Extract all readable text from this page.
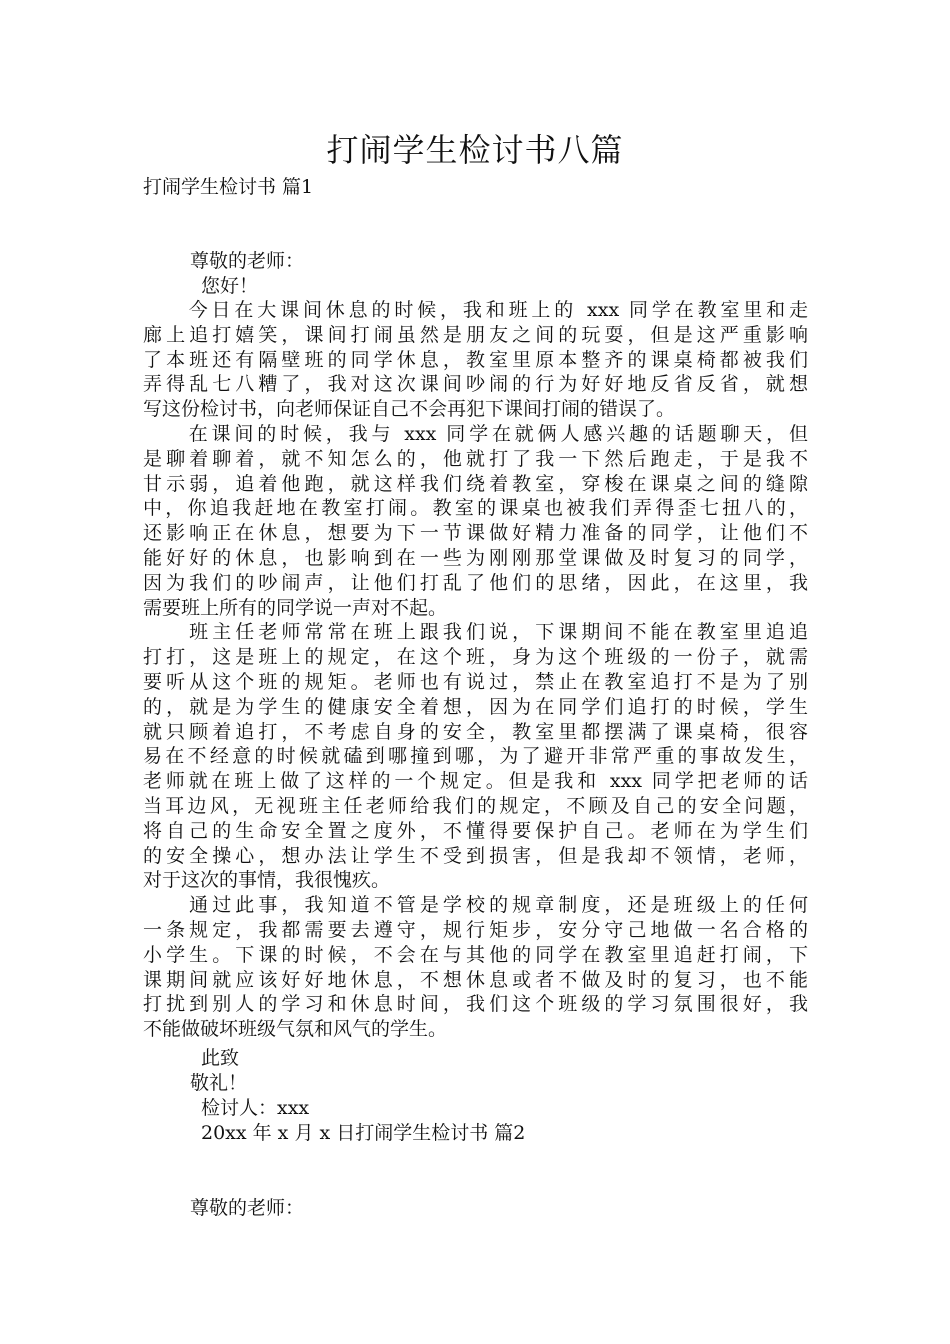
打闹学生检讨书八篇

打闹学生检讨书 篇1

尊敬的老师：

您好！

　　今日在大课间休息的时候，我和班上的 xxx 同学在教室里和走
廊上追打嬉笑，课间打闹虽然是朋友之间的玩耍，但是这严重影响
了本班还有隔壁班的同学休息，教室里原本整齐的课桌椅都被我们
弄得乱七八糟了，我对这次课间吵闹的行为好好地反省反省，就想
写这份检讨书，向老师保证自己不会再犯下课间打闹的错误了。
　　在课间的时候，我与 xxx 同学在就俩人感兴趣的话题聊天，但
是聊着聊着，就不知怎么的，他就打了我一下然后跑走，于是我不
甘示弱，追着他跑，就这样我们绕着教室，穿梭在课桌之间的缝隙
中，你追我赶地在教室打闹。教室的课桌也被我们弄得歪七扭八的，
还影响正在休息，想要为下一节课做好精力准备的同学，让他们不
能好好的休息，也影响到在一些为刚刚那堂课做及时复习的同学，
因为我们的吵闹声，让他们打乱了他们的思绪，因此，在这里，我
需要班上所有的同学说一声对不起。
　　班主任老师常常在班上跟我们说，下课期间不能在教室里追追
打打，这是班上的规定，在这个班，身为这个班级的一份子，就需
要听从这个班的规矩。老师也有说过，禁止在教室追打不是为了别
的，就是为学生的健康安全着想，因为在同学们追打的时候，学生
就只顾着追打，不考虑自身的安全，教室里都摆满了课桌椅，很容
易在不经意的时候就磕到哪撞到哪，为了避开非常严重的事故发生，
老师就在班上做了这样的一个规定。但是我和 xxx 同学把老师的话
当耳边风，无视班主任老师给我们的规定，不顾及自己的安全问题，
将自己的生命安全置之度外，不懂得要保护自己。老师在为学生们
的安全操心，想办法让学生不受到损害，但是我却不领情，老师，
对于这次的事情，我很愧疚。
　　通过此事，我知道不管是学校的规章制度，还是班级上的任何
一条规定，我都需要去遵守，规行矩步，安分守己地做一名合格的
小学生。下课的时候，不会在与其他的同学在教室里追赶打闹，下
课期间就应该好好地休息，不想休息或者不做及时的复习，也不能
打扰到别人的学习和休息时间，我们这个班级的学习氛围很好，我
不能做破坏班级气氛和风气的学生。

此致

敬礼！

检讨人：xxx

20xx 年 x 月 x 日打闹学生检讨书 篇2

尊敬的老师：
